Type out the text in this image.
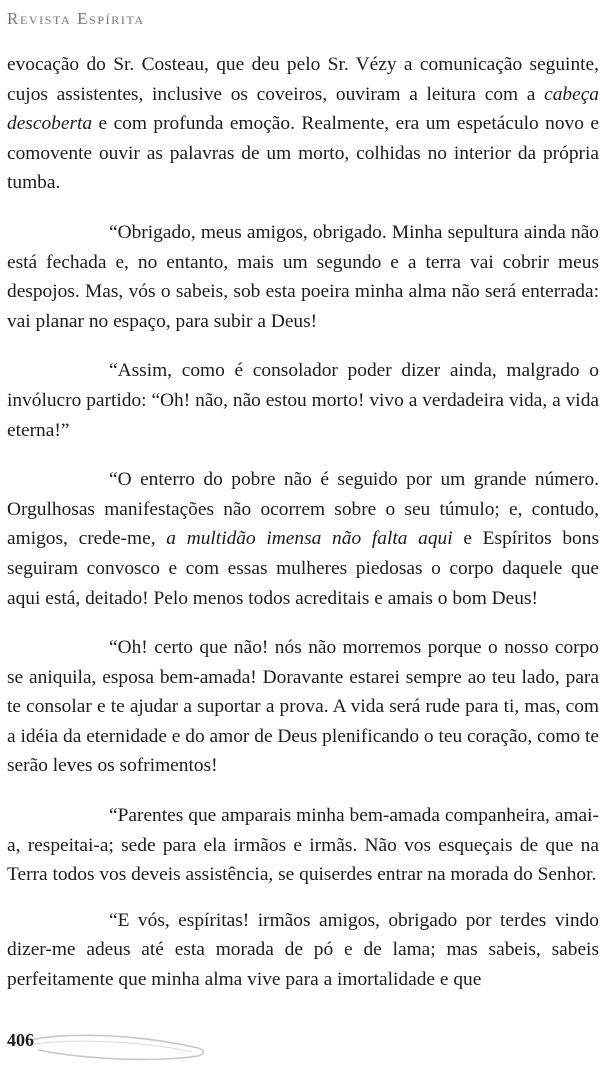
Revista Espírita

evocação do Sr. Costeau, que deu pelo Sr. Vézy a comunicação seguinte, cujos assistentes, inclusive os coveiros, ouviram a leitura com a cabeça descoberta e com profunda emoção. Realmente, era um espetáculo novo e comovente ouvir as palavras de um morto, colhidas no interior da própria tumba.

“Obrigado, meus amigos, obrigado. Minha sepultura ainda não está fechada e, no entanto, mais um segundo e a terra vai cobrir meus despojos. Mas, vós o sabeis, sob esta poeira minha alma não será enterrada: vai planar no espaço, para subir a Deus!

“Assim, como é consolador poder dizer ainda, malgrado o invólucro partido: “Oh! não, não estou morto! vivo a verdadeira vida, a vida eterna!”

“O enterro do pobre não é seguido por um grande número. Orgulhosas manifestações não ocorrem sobre o seu túmulo; e, contudo, amigos, crede-me, a multidão imensa não falta aqui e Espíritos bons seguiram convosco e com essas mulheres piedosas o corpo daquele que aqui está, deitado! Pelo menos todos acreditais e amais o bom Deus!

“Oh! certo que não! nós não morremos porque o nosso corpo se aniquila, esposa bem-amada! Doravante estarei sempre ao teu lado, para te consolar e te ajudar a suportar a prova. A vida será rude para ti, mas, com a idéia da eternidade e do amor de Deus plenificando o teu coração, como te serão leves os sofrimentos!

“Parentes que amparais minha bem-amada companheira, amai-a, respeitai-a; sede para ela irmãos e irmãs. Não vos esqueçais de que na Terra todos vos deveis assistência, se quiserdes entrar na morada do Senhor.

“E vós, espíritas! irmãos amigos, obrigado por terdes vindo dizer-me adeus até esta morada de pó e de lama; mas sabeis, sabeis perfeitamente que minha alma vive para a imortalidade e que

406
